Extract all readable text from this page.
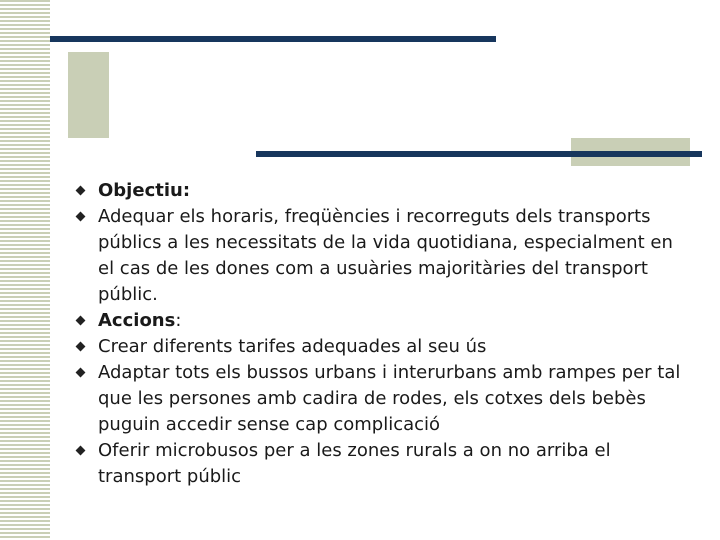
Objectiu:
Adequar els horaris, freqüències i recorreguts dels transports públics a les necessitats de la vida quotidiana, especialment en el cas de les dones com a usuàries majoritàries del transport públic.
Accions:
Crear diferents tarifes adequades al seu ús
Adaptar tots els bussos urbans i interurbans amb rampes per tal que les persones amb cadira de rodes, els cotxes dels bebès puguin accedir sense cap complicació
Oferir microbusos per a les zones rurals a on no arriba el transport públic
